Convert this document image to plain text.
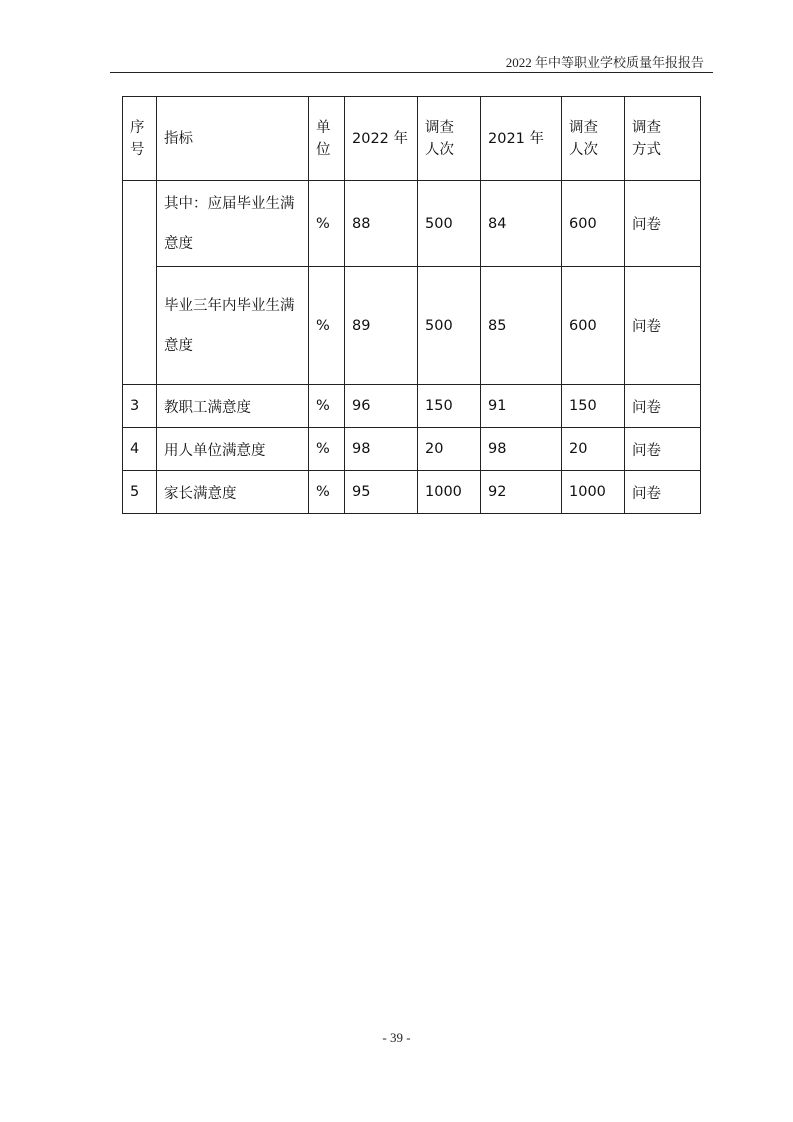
2022 年中等职业学校质量年报报告
序号	指标	单位	2022 年	调查人次	2021 年	调查人次	调查方式

	其中：应届毕业生满意度	%	88	500	84	600	问卷
	毕业三年内毕业生满意度	%	89	500	85	600	问卷
3	教职工满意度	%	96	150	91	150	问卷
4	用人单位满意度	%	98	20	98	20	问卷
5	家长满意度	%	95	1000	92	1000	问卷
- 39 -
